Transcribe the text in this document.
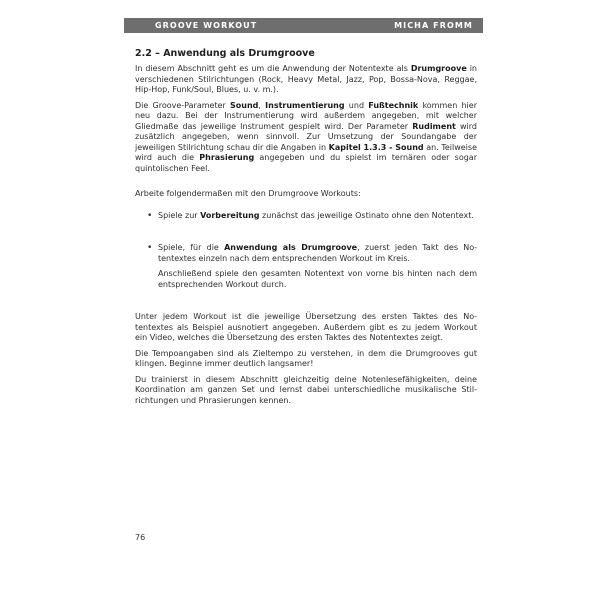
GROOVE WORKOUT	MICHA FROMM
2.2 – Anwendung als Drumgroove

In diesem Abschnitt geht es um die Anwendung der Notentexte als Drumgroove in verschiedenen Stilrichtungen (Rock, Heavy Metal, Jazz, Pop, Bossa-Nova, Reggae, Hip-Hop, Funk/Soul, Blues, u. v. m.).

Die Groove-Parameter Sound, Instrumentierung und Fußtechnik kommen hier neu dazu. Bei der Instrumentierung wird außerdem angegeben, mit welcher Gliedmaße das jeweilige Instrument gespielt wird. Der Parameter Rudiment wird zusätzlich angegeben, wenn sinnvoll. Zur Umsetzung der Soundangabe der jeweiligen Stilrichtung schau dir die Angaben in Kapitel 1.3.3 - Sound an. Teilweise wird auch die Phrasierung angegeben und du spielst im ternären oder sogar quintolischen Feel.

Arbeite folgendermaßen mit den Drumgroove Workouts:

• Spiele zur Vorbereitung zunächst das jeweilige Ostinato ohne den Notentext.

• Spiele, für die Anwendung als Drumgroove, zuerst jeden Takt des Notentextes einzeln nach dem entsprechenden Workout im Kreis.

Anschließend spiele den gesamten Notentext von vorne bis hinten nach dem entsprechenden Workout durch.

Unter jedem Workout ist die jeweilige Übersetzung des ersten Taktes des Notentextes als Beispiel ausnotiert angegeben. Außerdem gibt es zu jedem Workout ein Video, welches die Übersetzung des ersten Taktes des Notentextes zeigt.

Die Tempoangaben sind als Zieltempo zu verstehen, in dem die Drumgrooves gut klingen. Beginne immer deutlich langsamer!

Du trainierst in diesem Abschnitt gleichzeitig deine Notenlesefähigkeiten, deine Koordination am ganzen Set und lernst dabei unterschiedliche musikalische Stilrichtungen und Phrasierungen kennen.

76
